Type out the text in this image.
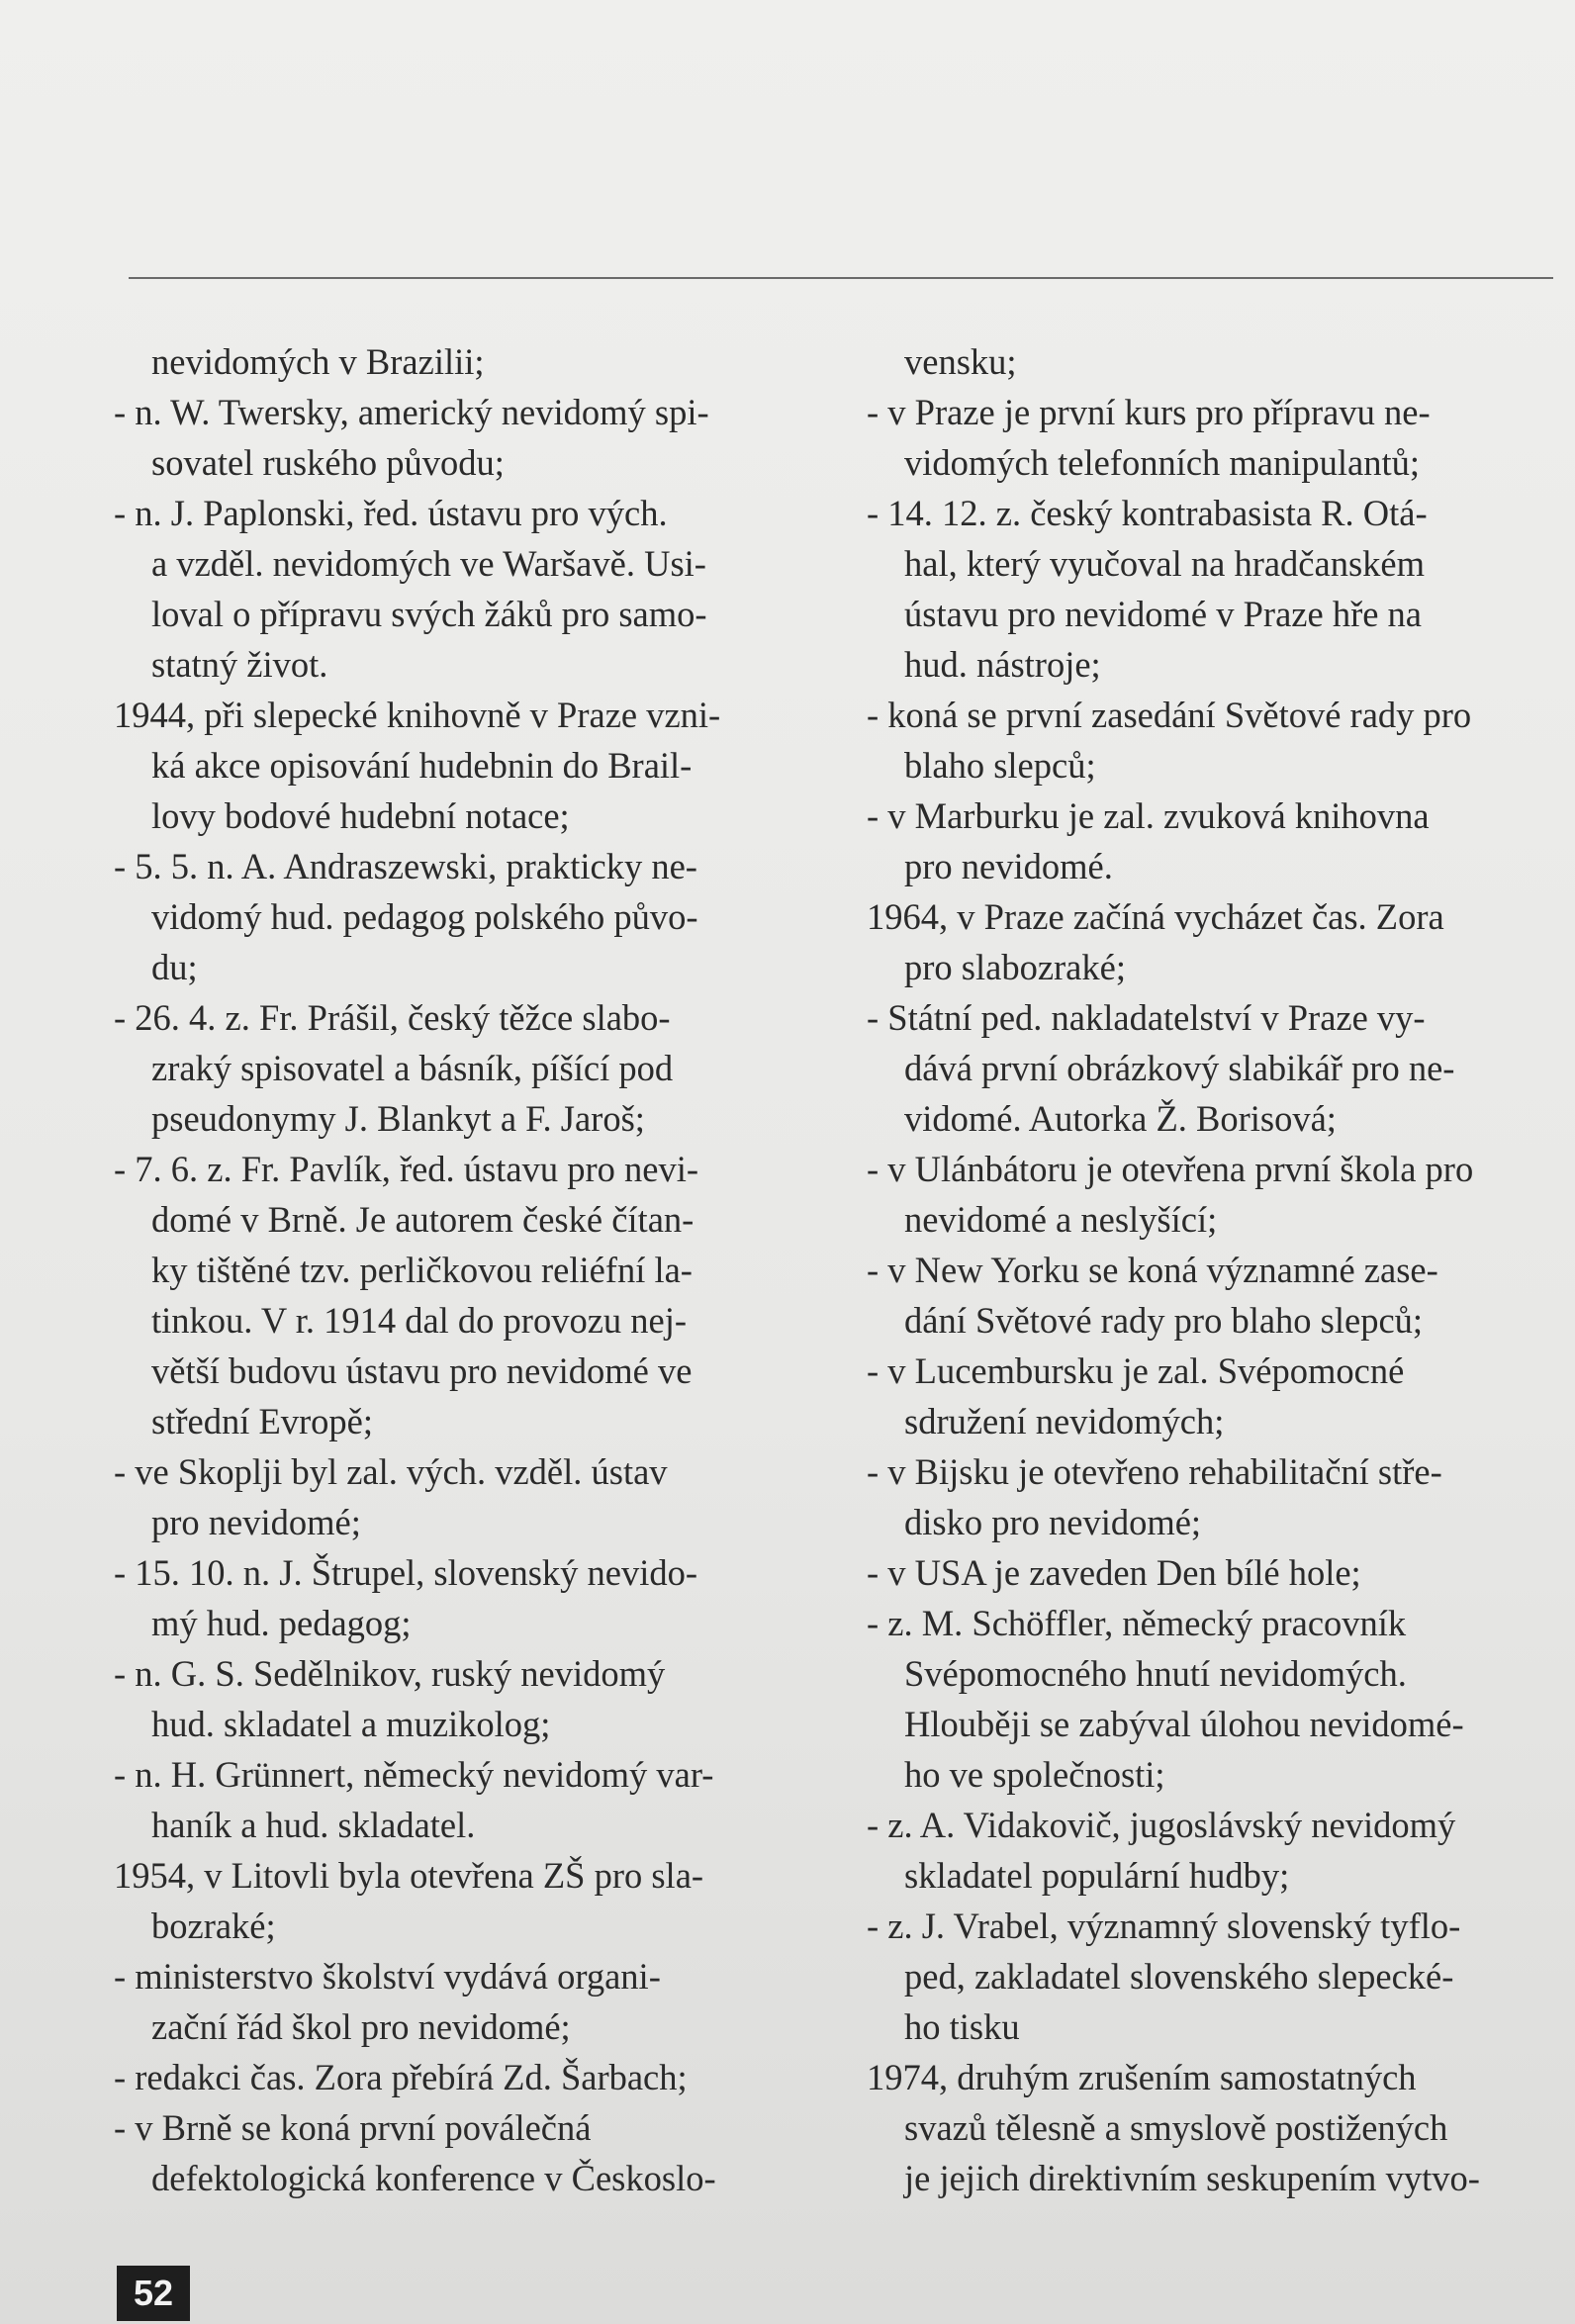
nevidomých v Brazilii;
- n. W. Twersky, americký nevidomý spi-
sovatel ruského původu;
- n. J. Paplonski, řed. ústavu pro vých.
a vzděl. nevidomých ve Waršavě. Usi-
loval o přípravu svých žáků pro samo-
statný život.
1944, při slepecké knihovně v Praze vzni-
ká akce opisování hudebnin do Brail-
lovy bodové hudební notace;
- 5. 5. n. A. Andraszewski, prakticky ne-
vidomý hud. pedagog polského půvo-
du;
- 26. 4. z. Fr. Prášil, český těžce slabo-
zraký spisovatel a básník, píšící pod
pseudonymy J. Blankyt a F. Jaroš;
- 7. 6. z. Fr. Pavlík, řed. ústavu pro nevi-
domé v Brně. Je autorem české čítan-
ky tištěné tzv. perličkovou reliéfní la-
tinkou. V r. 1914 dal do provozu nej-
větší budovu ústavu pro nevidomé ve
střední Evropě;
- ve Skoplji byl zal. vých. vzděl. ústav
pro nevidomé;
- 15. 10. n. J. Štrupel, slovenský nevido-
mý hud. pedagog;
- n. G. S. Sedělnikov, ruský nevidomý
hud. skladatel a muzikolog;
- n. H. Grünnert, německý nevidomý var-
haník a hud. skladatel.
1954, v Litovli byla otevřena ZŠ pro sla-
bozraké;
- ministerstvo školství vydává organi-
zační řád škol pro nevidomé;
- redakci čas. Zora přebírá Zd. Šarbach;
- v Brně se koná první poválečná
defektologická konference v Českoslo-
vensku;
- v Praze je první kurs pro přípravu ne-
vidomých telefonních manipulantů;
- 14. 12. z. český kontrabasista R. Otá-
hal, který vyučoval na hradčanském
ústavu pro nevidomé v Praze hře na
hud. nástroje;
- koná se první zasedání Světové rady pro
blaho slepců;
- v Marburku je zal. zvuková knihovna
pro nevidomé.
1964, v Praze začíná vycházet čas. Zora
pro slabozraké;
- Státní ped. nakladatelství v Praze vy-
dává první obrázkový slabikář pro ne-
vidomé. Autorka Ž. Borisová;
- v Ulánbátoru je otevřena první škola pro
nevidomé a neslyšící;
- v New Yorku se koná významné zase-
dání Světové rady pro blaho slepců;
- v Lucembursku je zal. Svépomocné
sdružení nevidomých;
- v Bijsku je otevřeno rehabilitační stře-
disko pro nevidomé;
- v USA je zaveden Den bílé hole;
- z. M. Schöffler, německý pracovník
Svépomocného hnutí nevidomých.
Hlouběji se zabýval úlohou nevidomé-
ho ve společnosti;
- z. A. Vidakovič, jugoslávský nevidomý
skladatel populární hudby;
- z. J. Vrabel, významný slovenský tyflo-
ped, zakladatel slovenského slepecké-
ho tisku
1974, druhým zrušením samostatných
svazů tělesně a smyslově postižených
je jejich direktivním seskupením vytvo-
52
